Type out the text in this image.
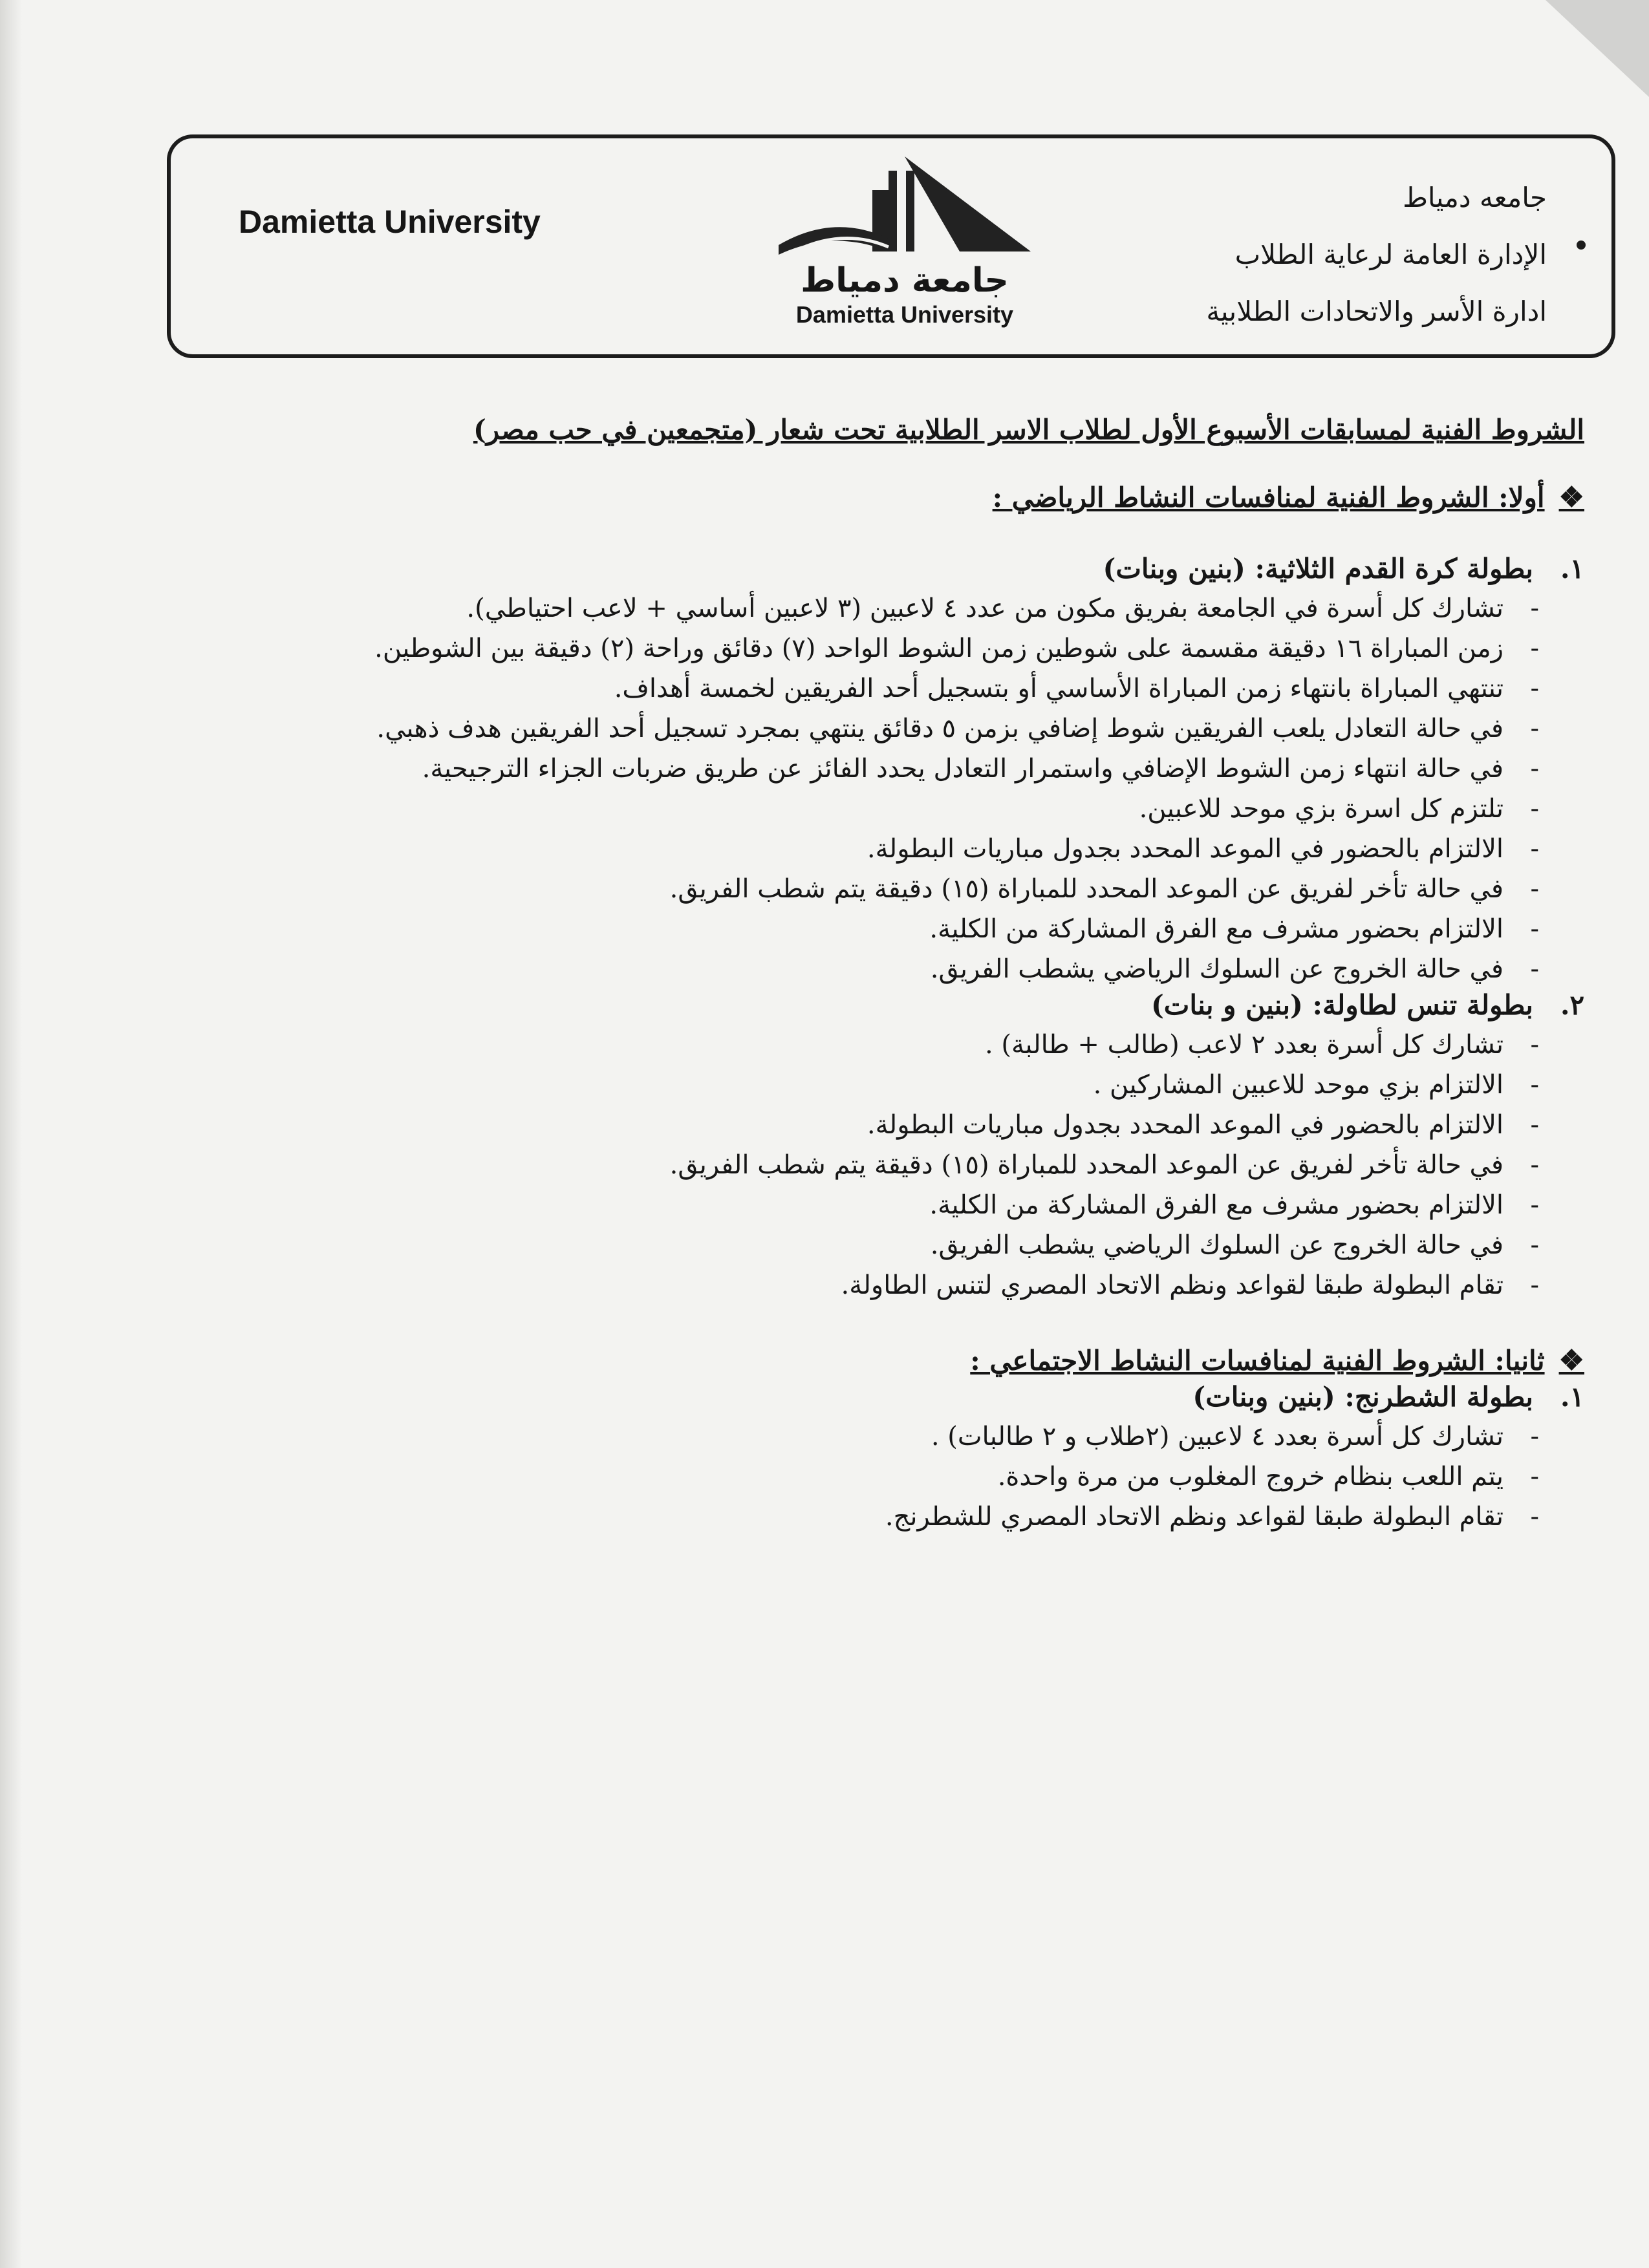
Damietta University
جامعة دمياط
Damietta University
جامعه دمياط
الإدارة العامة لرعاية الطلاب
ادارة الأسر والاتحادات الطلابية
الشروط الفنية لمسابقات الأسبوع الأول لطلاب الاسر الطلابية تحت شعار (متجمعين في حب مصر)
❖
أولا: الشروط الفنية لمنافسات النشاط الرياضي :
١.
بطولة كرة القدم الثلاثية: (بنين وبنات)
- تشارك كل أسرة في الجامعة بفريق مكون من عدد ٤ لاعبين (٣ لاعبين أساسي + لاعب احتياطي).
- زمن المباراة ١٦ دقيقة مقسمة على شوطين زمن الشوط الواحد (٧) دقائق وراحة (٢) دقيقة بين الشوطين.
- تنتهي المباراة بانتهاء زمن المباراة الأساسي أو بتسجيل أحد الفريقين لخمسة أهداف.
- في حالة التعادل يلعب الفريقين شوط إضافي بزمن ٥ دقائق ينتهي بمجرد تسجيل أحد الفريقين هدف ذهبي.
- في حالة انتهاء زمن الشوط الإضافي واستمرار التعادل يحدد الفائز عن طريق ضربات الجزاء الترجيحية.
- تلتزم كل اسرة بزي موحد للاعبين.
- الالتزام بالحضور في الموعد المحدد بجدول مباريات البطولة.
- في حالة تأخر لفريق عن الموعد المحدد للمباراة (١٥) دقيقة يتم شطب الفريق.
- الالتزام بحضور مشرف مع الفرق المشاركة من الكلية.
- في حالة الخروج عن السلوك الرياضي يشطب الفريق.
٢.
بطولة تنس لطاولة: (بنين و بنات)
- تشارك كل أسرة بعدد ٢ لاعب (طالب + طالبة) .
- الالتزام بزي موحد للاعبين المشاركين .
- الالتزام بالحضور في الموعد المحدد بجدول مباريات البطولة.
- في حالة تأخر لفريق عن الموعد المحدد للمباراة (١٥) دقيقة يتم شطب الفريق.
- الالتزام بحضور مشرف مع الفرق المشاركة من الكلية.
- في حالة الخروج عن السلوك الرياضي يشطب الفريق.
- تقام البطولة طبقا لقواعد ونظم الاتحاد المصري لتنس الطاولة.
❖
ثانيا: الشروط الفنية لمنافسات النشاط الاجتماعي :
١.
بطولة الشطرنج: (بنين وبنات)
- تشارك كل أسرة بعدد ٤ لاعبين (٢طلاب و ٢ طالبات) .
- يتم اللعب بنظام خروج المغلوب من مرة واحدة.
- تقام البطولة طبقا لقواعد ونظم الاتحاد المصري للشطرنج.
